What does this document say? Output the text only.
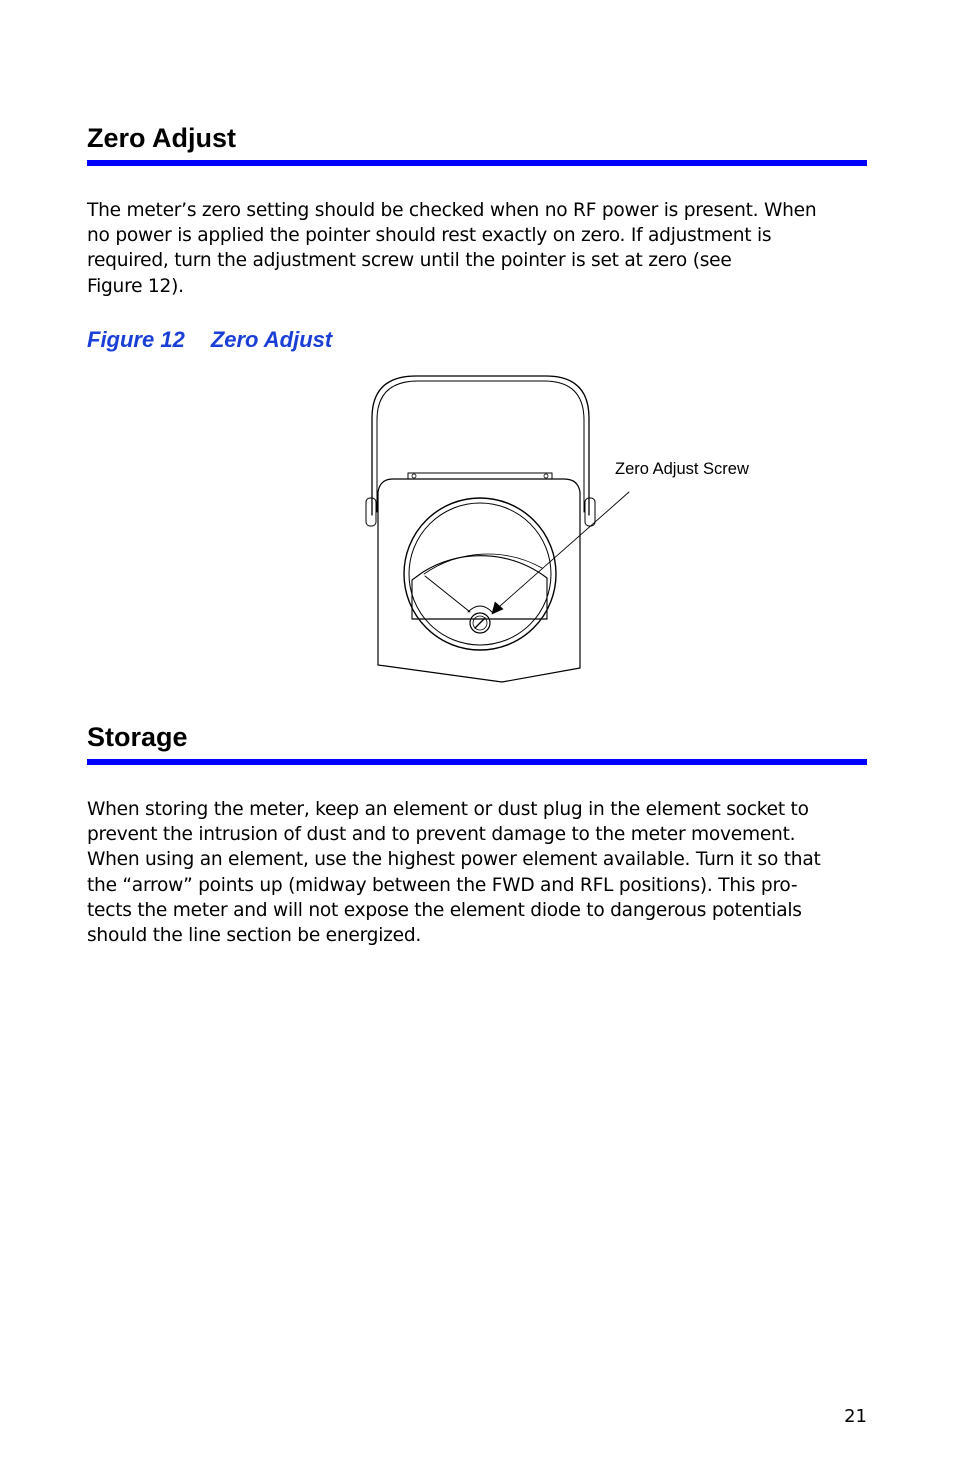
Zero Adjust

The meter’s zero setting should be checked when no RF power is present. When
no power is applied the pointer should rest exactly on zero. If adjustment is
required, turn the adjustment screw until the pointer is set at zero (see
Figure 12).

Figure 12 Zero Adjust

Zero Adjust Screw
Storage

When storing the meter, keep an element or dust plug in the element socket to
prevent the intrusion of dust and to prevent damage to the meter movement.
When using an element, use the highest power element available. Turn it so that
the “arrow” points up (midway between the FWD and RFL positions). This pro-
tects the meter and will not expose the element diode to dangerous potentials
should the line section be energized.

21
